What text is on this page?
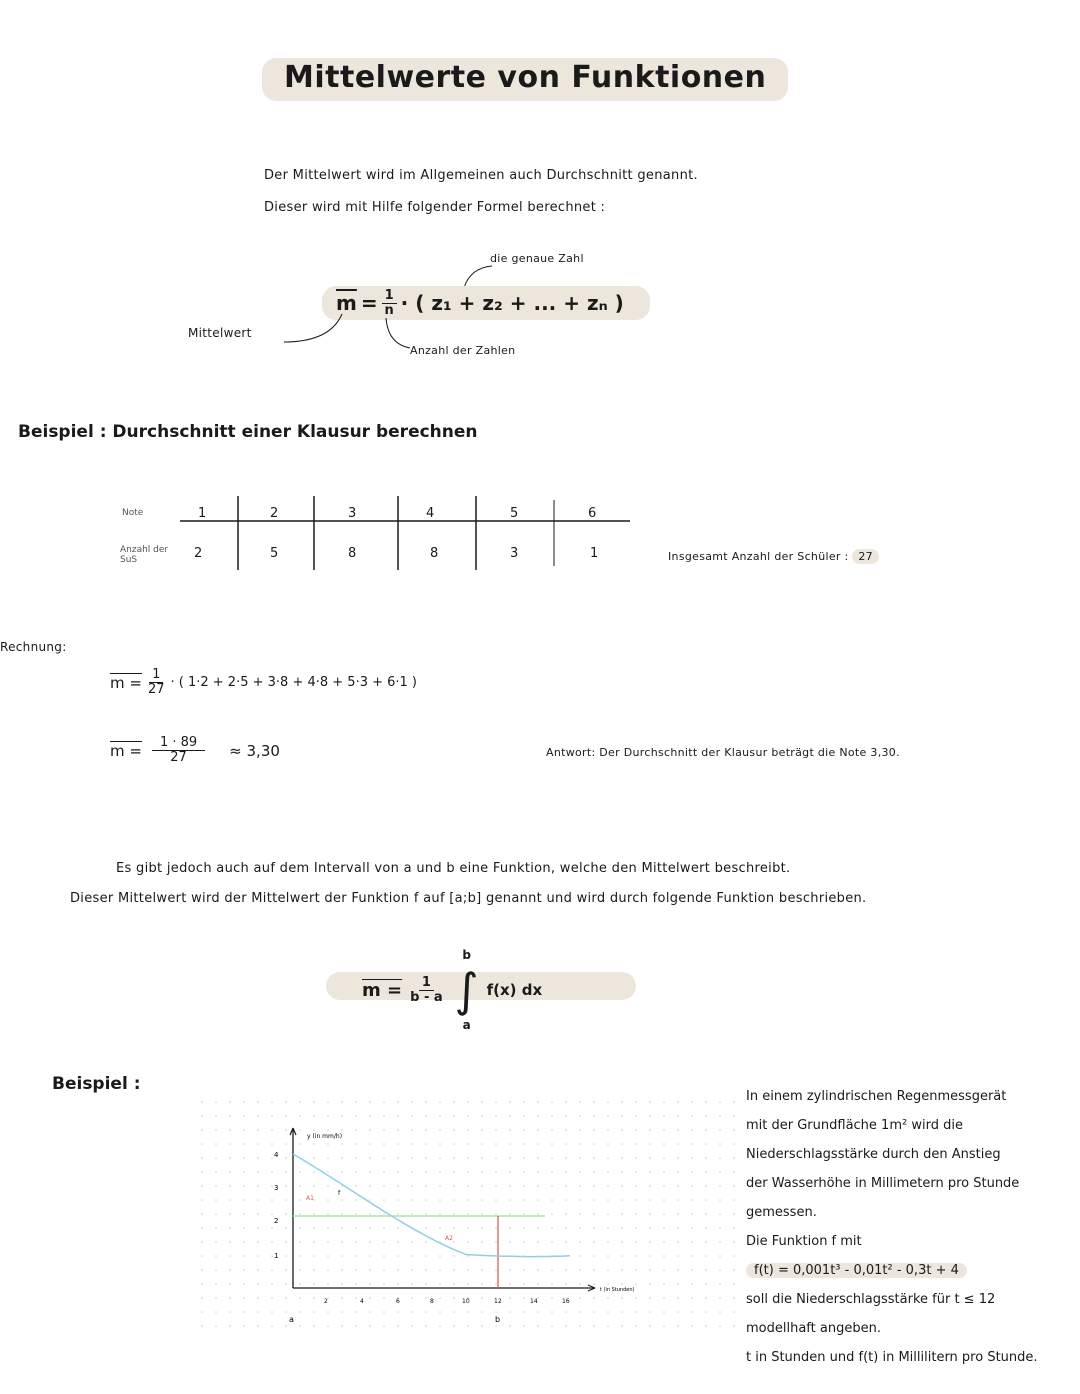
Mittelwerte von Funktionen
Der Mittelwert wird im Allgemeinen auch Durchschnitt genannt.
Dieser wird mit Hilfe folgender Formel berechnet :
die genaue Zahl
$\overline{m} = \frac{1}{n}$ · ( z₁ + z₂ + ... + zₙ )
Mittelwert
Anzahl der Zahlen
Beispiel : Durchschnitt einer Klausur berechnen
Note
Anzahl der
SuS
1	2	3	4	5	6
2	5	8	8	3	1	Insgesamt Anzahl der Schüler : 27
Rechnung:
$m = \frac{1}{27}$ · ( 1·2 + 2·5 + 3·8 + 4·8 + 5·3 + 6·1 )
$m = \frac{1 \cdot 89}{27} \approx 3,30$	Antwort: Der Durchschnitt der Klausur beträgt die Note 3,30.
Es gibt jedoch auch auf dem Intervall von a und b eine Funktion, welche den Mittelwert beschreibt.
Dieser Mittelwert wird der Mittelwert der Funktion f auf [a;b] genannt und wird durch folgende Funktion beschrieben.
$m = \frac{1}{b - a}$
b
∫
a
f(x) dx
Beispiel :
4
3
2
1
2	4	6	8	10	12	14	16
a	b
y (in mm/h)
t (in Stunden)
A1
A2
f
In einem zylindrischen Regenmessgerät
mit der Grundfläche 1m² wird die
Niederschlagsstärke durch den Anstieg
der Wasserhöhe in Millimetern pro Stunde
gemessen.
Die Funktion f mit
f(t) = 0,001t³ - 0,01t² - 0,3t + 4
soll die Niederschlagsstärke für t ≤ 12
modellhaft angeben.
t in Stunden und f(t) in Millilitern pro Stunde.
